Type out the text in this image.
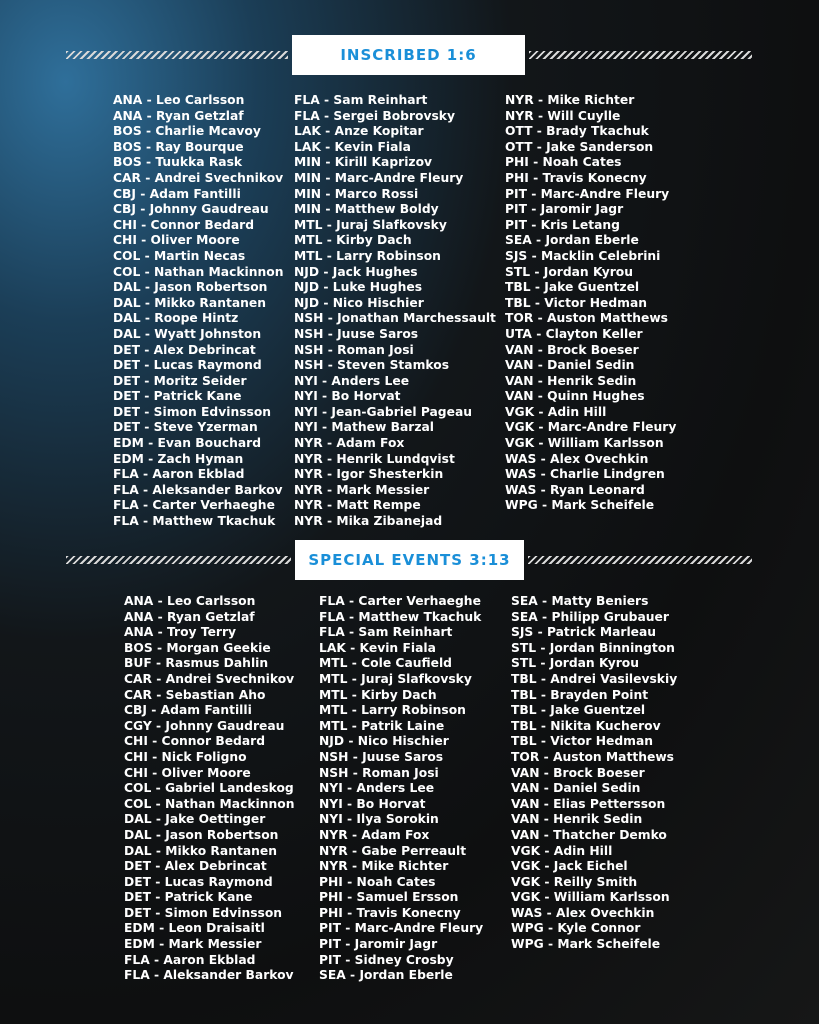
INSCRIBED 1:6
ANA - Leo Carlsson
ANA - Ryan Getzlaf
BOS - Charlie Mcavoy
BOS - Ray Bourque
BOS - Tuukka Rask
CAR - Andrei Svechnikov
CBJ - Adam Fantilli
CBJ - Johnny Gaudreau
CHI - Connor Bedard
CHI - Oliver Moore
COL - Martin Necas
COL - Nathan Mackinnon
DAL - Jason Robertson
DAL - Mikko Rantanen
DAL - Roope Hintz
DAL - Wyatt Johnston
DET - Alex Debrincat
DET - Lucas Raymond
DET - Moritz Seider
DET - Patrick Kane
DET - Simon Edvinsson
DET - Steve Yzerman
EDM - Evan Bouchard
EDM - Zach Hyman
FLA - Aaron Ekblad
FLA - Aleksander Barkov
FLA - Carter Verhaeghe
FLA - Matthew Tkachuk
FLA - Sam Reinhart
FLA - Sergei Bobrovsky
LAK - Anze Kopitar
LAK - Kevin Fiala
MIN - Kirill Kaprizov
MIN - Marc-Andre Fleury
MIN - Marco Rossi
MIN - Matthew Boldy
MTL - Juraj Slafkovsky
MTL - Kirby Dach
MTL - Larry Robinson
NJD - Jack Hughes
NJD - Luke Hughes
NJD - Nico Hischier
NSH - Jonathan Marchessault
NSH - Juuse Saros
NSH - Roman Josi
NSH - Steven Stamkos
NYI - Anders Lee
NYI - Bo Horvat
NYI - Jean-Gabriel Pageau
NYI - Mathew Barzal
NYR - Adam Fox
NYR - Henrik Lundqvist
NYR - Igor Shesterkin
NYR - Mark Messier
NYR - Matt Rempe
NYR - Mika Zibanejad
NYR - Mike Richter
NYR - Will Cuylle
OTT - Brady Tkachuk
OTT - Jake Sanderson
PHI - Noah Cates
PHI - Travis Konecny
PIT - Marc-Andre Fleury
PIT - Jaromir Jagr
PIT - Kris Letang
SEA - Jordan Eberle
SJS - Macklin Celebrini
STL - Jordan Kyrou
TBL - Jake Guentzel
TBL - Victor Hedman
TOR - Auston Matthews
UTA - Clayton Keller
VAN - Brock Boeser
VAN - Daniel Sedin
VAN - Henrik Sedin
VAN - Quinn Hughes
VGK - Adin Hill
VGK - Marc-Andre Fleury
VGK - William Karlsson
WAS - Alex Ovechkin
WAS - Charlie Lindgren
WAS - Ryan Leonard
WPG - Mark Scheifele
SPECIAL EVENTS 3:13
ANA - Leo Carlsson
ANA - Ryan Getzlaf
ANA - Troy Terry
BOS - Morgan Geekie
BUF - Rasmus Dahlin
CAR - Andrei Svechnikov
CAR - Sebastian Aho
CBJ - Adam Fantilli
CGY - Johnny Gaudreau
CHI - Connor Bedard
CHI - Nick Foligno
CHI - Oliver Moore
COL - Gabriel Landeskog
COL - Nathan Mackinnon
DAL - Jake Oettinger
DAL - Jason Robertson
DAL - Mikko Rantanen
DET - Alex Debrincat
DET - Lucas Raymond
DET - Patrick Kane
DET - Simon Edvinsson
EDM - Leon Draisaitl
EDM - Mark Messier
FLA - Aaron Ekblad
FLA - Aleksander Barkov
FLA - Carter Verhaeghe
FLA - Matthew Tkachuk
FLA - Sam Reinhart
LAK - Kevin Fiala
MTL - Cole Caufield
MTL - Juraj Slafkovsky
MTL - Kirby Dach
MTL - Larry Robinson
MTL - Patrik Laine
NJD - Nico Hischier
NSH - Juuse Saros
NSH - Roman Josi
NYI - Anders Lee
NYI - Bo Horvat
NYI - Ilya Sorokin
NYR - Adam Fox
NYR - Gabe Perreault
NYR - Mike Richter
PHI - Noah Cates
PHI - Samuel Ersson
PHI - Travis Konecny
PIT - Marc-Andre Fleury
PIT - Jaromir Jagr
PIT - Sidney Crosby
SEA - Jordan Eberle
SEA - Matty Beniers
SEA - Philipp Grubauer
SJS - Patrick Marleau
STL - Jordan Binnington
STL - Jordan Kyrou
TBL - Andrei Vasilevskiy
TBL - Brayden Point
TBL - Jake Guentzel
TBL - Nikita Kucherov
TBL - Victor Hedman
TOR - Auston Matthews
VAN - Brock Boeser
VAN - Daniel Sedin
VAN - Elias Pettersson
VAN - Henrik Sedin
VAN - Thatcher Demko
VGK - Adin Hill
VGK - Jack Eichel
VGK - Reilly Smith
VGK - William Karlsson
WAS - Alex Ovechkin
WPG - Kyle Connor
WPG - Mark Scheifele
